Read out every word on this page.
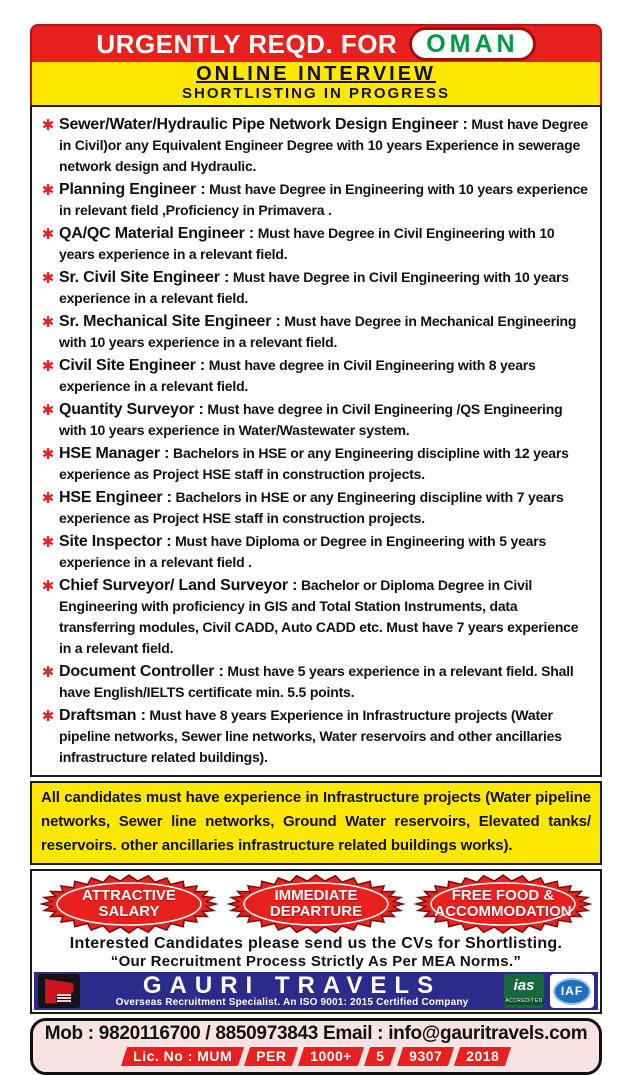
URGENTLY REQD. FOR	OMAN
ONLINE INTERVIEW
SHORTLISTING IN PROGRESS
✱ Sewer/Water/Hydraulic Pipe Network Design Engineer : Must have Degree in Civil)or any Equivalent Engineer Degree with 10 years Experience in sewerage network design and Hydraulic.

✱ Planning Engineer : Must have Degree in Engineering with 10 years experience in relevant field ,Proficiency in Primavera .

✱ QA/QC Material Engineer : Must have Degree in Civil Engineering with 10 years experience in a relevant field.

✱ Sr. Civil Site Engineer : Must have Degree in Civil Engineering with 10 years experience in a relevant field.

✱ Sr. Mechanical Site Engineer : Must have Degree in Mechanical Engineering with 10 years experience in a relevant field.

✱ Civil Site Engineer : Must have degree in Civil Engineering with 8 years experience in a relevant field.

✱ Quantity Surveyor : Must have degree in Civil Engineering /QS Engineering with 10 years experience in Water/Wastewater system.

✱ HSE Manager : Bachelors in HSE or any Engineering discipline with 12 years experience as Project HSE staff in construction projects.

✱ HSE Engineer : Bachelors in HSE or any Engineering discipline with 7 years experience as Project HSE staff in construction projects.

✱ Site Inspector : Must have Diploma or Degree in Engineering with 5 years experience in a relevant field .

✱ Chief Surveyor/ Land Surveyor : Bachelor or Diploma Degree in Civil Engineering with proficiency in GIS and Total Station Instruments, data transferring modules, Civil CADD, Auto CADD etc. Must have 7 years experience in a relevant field.

✱ Document Controller : Must have 5 years experience in a relevant field. Shall have English/IELTS certificate min. 5.5 points.

✱ Draftsman : Must have 8 years Experience in Infrastructure projects (Water pipeline networks, Sewer line networks, Water reservoirs and other ancillaries infrastructure related buildings).

All candidates must have experience in Infrastructure projects (Water pipeline networks, Sewer line networks, Ground Water reservoirs, Elevated tanks/ reservoirs. other ancillaries infrastructure related buildings works).
ATTRACTIVE
SALARY
IMMEDIATE
DEPARTURE
FREE FOOD &
ACCOMMODATION
Interested Candidates please send us the CVs for Shortlisting.
“Our Recruitment Process Strictly As Per MEA Norms.”
GAURI TRAVELS
Overseas Recruitment Specialist. An ISO 9001: 2015 Certified Company
ias
ACCREDITED
IAF
Mob : 9820116700 / 8850973843 Email : info@gauritravels.com
Lic. No : MUM	PER	1000+	5	9307	2018
